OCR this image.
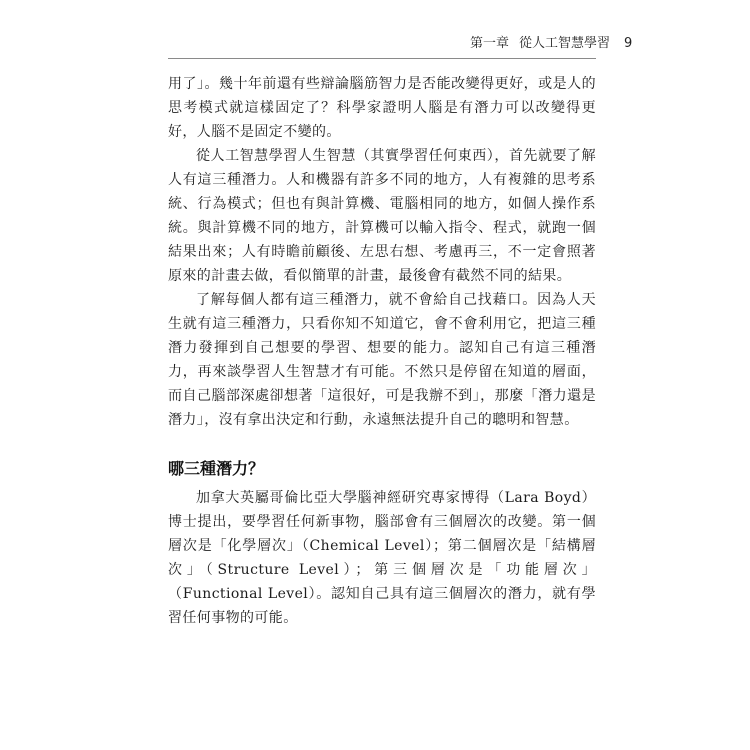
第一章 從人工智慧學習 9

用了」。幾十年前還有些辯論腦筋智力是否能改變得更好，或是人的思考模式就這樣固定了？科學家證明人腦是有潛力可以改變得更好，人腦不是固定不變的。

從人工智慧學習人生智慧（其實學習任何東西），首先就要了解人有這三種潛力。人和機器有許多不同的地方，人有複雜的思考系統、行為模式；但也有與計算機、電腦相同的地方，如個人操作系統。與計算機不同的地方，計算機可以輸入指令、程式，就跑一個結果出來；人有時瞻前顧後、左思右想、考慮再三，不一定會照著原來的計畫去做，看似簡單的計畫，最後會有截然不同的結果。

了解每個人都有這三種潛力，就不會給自己找藉口。因為人天生就有這三種潛力，只看你知不知道它，會不會利用它，把這三種潛力發揮到自己想要的學習、想要的能力。認知自己有這三種潛力，再來談學習人生智慧才有可能。不然只是停留在知道的層面，而自己腦部深處卻想著「這很好，可是我辦不到」，那麼「潛力還是潛力」，沒有拿出決定和行動，永遠無法提升自己的聰明和智慧。

哪三種潛力？

加拿大英屬哥倫比亞大學腦神經研究專家博得（Lara Boyd）博士提出，要學習任何新事物，腦部會有三個層次的改變。第一個層次是「化學層次」（Chemical Level）；第二個層次是「結構層次」（Structure Level）；第三個層次是「功能層次」（Functional Level）。認知自己具有這三個層次的潛力，就有學習任何事物的可能。
